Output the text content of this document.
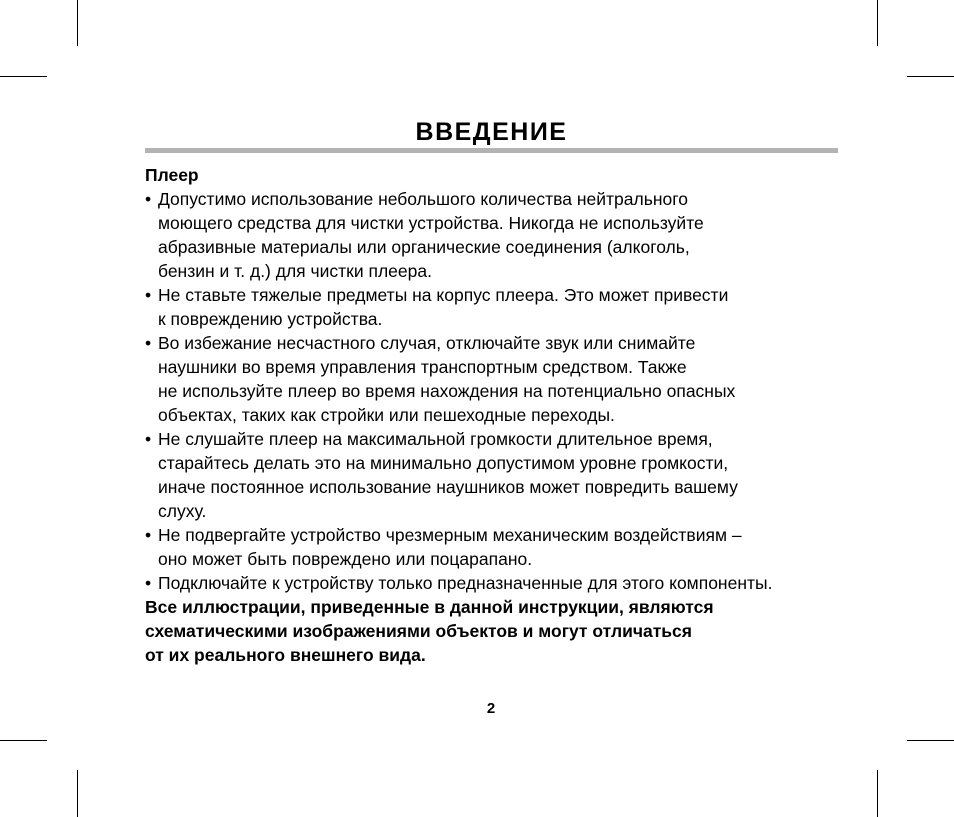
ВВЕДЕНИЕ
Плеер
• Допустимо использование небольшого количества нейтрального
моющего средства для чистки устройства. Никогда не используйте
абразивные материалы или органические соединения (алкоголь,
бензин и т. д.) для чистки плеера.
• Не ставьте тяжелые предметы на корпус плеера. Это может привести
к повреждению устройства.
• Во избежание несчастного случая, отключайте звук или снимайте
наушники во время управления транспортным средством. Также
не используйте плеер во время нахождения на потенциально опасных
объектах, таких как стройки или пешеходные переходы.
• Не слушайте плеер на максимальной громкости длительное время,
старайтесь делать это на минимально допустимом уровне громкости,
иначе постоянное использование наушников может повредить вашему
слуху.
• Не подвергайте устройство чрезмерным механическим воздействиям –
оно может быть повреждено или поцарапано.
• Подключайте к устройству только предназначенные для этого компоненты.
Все иллюстрации, приведенные в данной инструкции, являются
схематическими изображениями объектов и могут отличаться
от их реального внешнего вида.
2
